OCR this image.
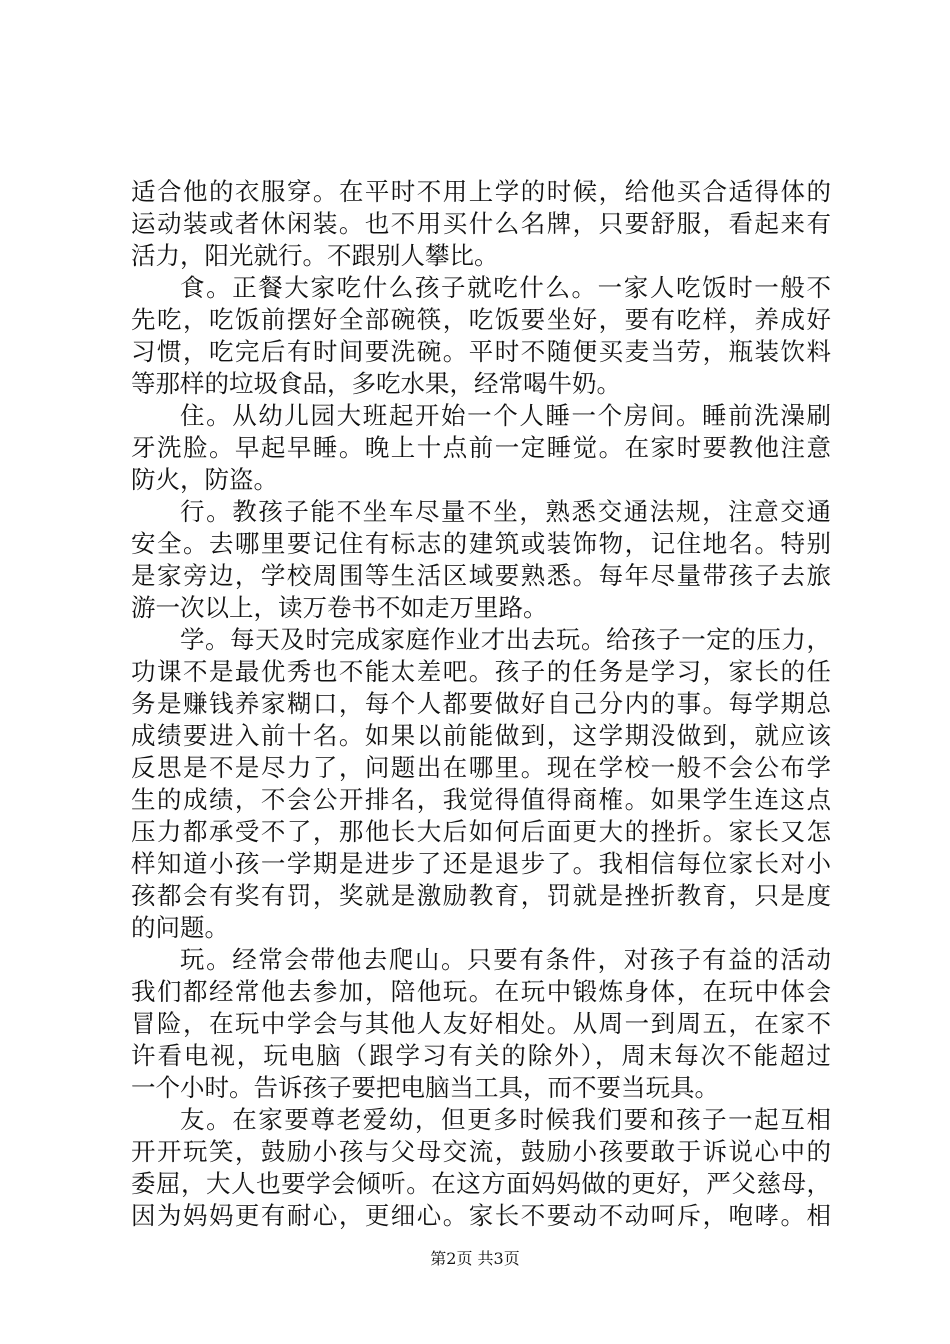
适合他的衣服穿。在平时不用上学的时候，给他买合适得体的
运动装或者休闲装。也不用买什么名牌，只要舒服，看起来有
活力，阳光就行。不跟别人攀比。
食。正餐大家吃什么孩子就吃什么。一家人吃饭时一般不
先吃，吃饭前摆好全部碗筷，吃饭要坐好，要有吃样，养成好
习惯，吃完后有时间要洗碗。平时不随便买麦当劳，瓶装饮料
等那样的垃圾食品，多吃水果，经常喝牛奶。
住。从幼儿园大班起开始一个人睡一个房间。睡前洗澡刷
牙洗脸。早起早睡。晚上十点前一定睡觉。在家时要教他注意
防火，防盗。
行。教孩子能不坐车尽量不坐，熟悉交通法规，注意交通
安全。去哪里要记住有标志的建筑或装饰物，记住地名。特别
是家旁边，学校周围等生活区域要熟悉。每年尽量带孩子去旅
游一次以上，读万卷书不如走万里路。
学。每天及时完成家庭作业才出去玩。给孩子一定的压力，
功课不是最优秀也不能太差吧。孩子的任务是学习，家长的任
务是赚钱养家糊口，每个人都要做好自己分内的事。每学期总
成绩要进入前十名。如果以前能做到，这学期没做到，就应该
反思是不是尽力了，问题出在哪里。现在学校一般不会公布学
生的成绩，不会公开排名，我觉得值得商榷。如果学生连这点
压力都承受不了，那他长大后如何后面更大的挫折。家长又怎
样知道小孩一学期是进步了还是退步了。我相信每位家长对小
孩都会有奖有罚，奖就是激励教育，罚就是挫折教育，只是度
的问题。
玩。经常会带他去爬山。只要有条件，对孩子有益的活动
我们都经常他去参加，陪他玩。在玩中锻炼身体，在玩中体会
冒险，在玩中学会与其他人友好相处。从周一到周五，在家不
许看电视，玩电脑（跟学习有关的除外），周末每次不能超过
一个小时。告诉孩子要把电脑当工具，而不要当玩具。
友。在家要尊老爱幼，但更多时候我们要和孩子一起互相
开开玩笑，鼓励小孩与父母交流，鼓励小孩要敢于诉说心中的
委屈，大人也要学会倾听。在这方面妈妈做的更好，严父慈母，
因为妈妈更有耐心，更细心。家长不要动不动呵斥，咆哮。相
第2页 共3页
